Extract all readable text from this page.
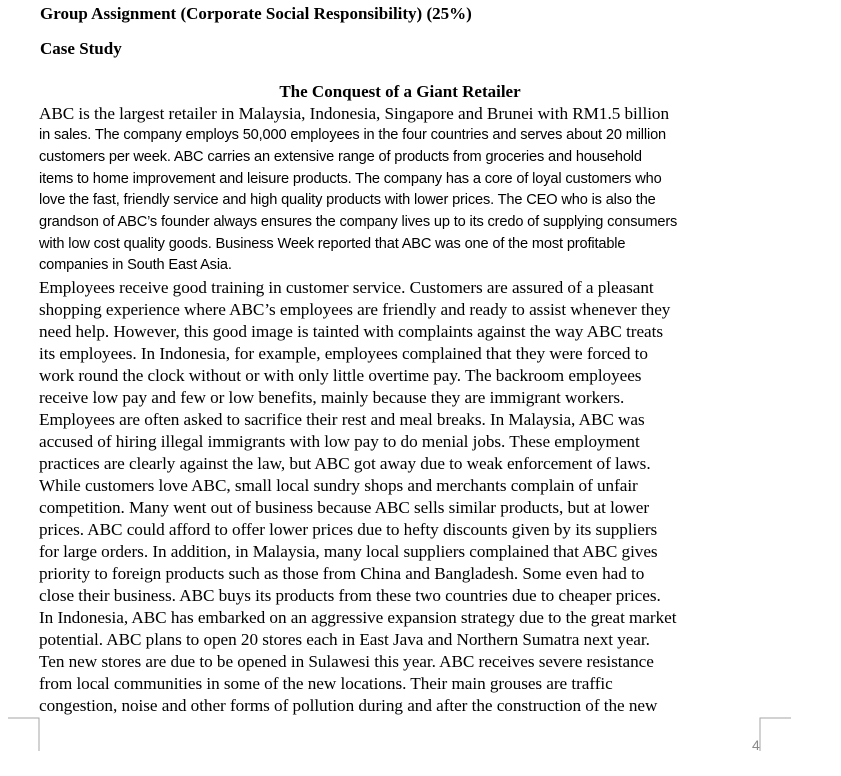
Group Assignment (Corporate Social Responsibility) (25%)
Case Study
The Conquest of a Giant Retailer
ABC is the largest retailer in Malaysia, Indonesia, Singapore and Brunei with RM1.5 billion
in sales. The company employs 50,000 employees in the four countries and serves about 20 million
customers per week. ABC carries an extensive range of products from groceries and household
items to home improvement and leisure products. The company has a core of loyal customers who
love the fast, friendly service and high quality products with lower prices. The CEO who is also the
grandson of ABC’s founder always ensures the company lives up to its credo of supplying consumers
with low cost quality goods. Business Week reported that ABC was one of the most profitable
companies in South East Asia.
Employees receive good training in customer service. Customers are assured of a pleasant
shopping experience where ABC’s employees are friendly and ready to assist whenever they
need help. However, this good image is tainted with complaints against the way ABC treats
its employees. In Indonesia, for example, employees complained that they were forced to
work round the clock without or with only little overtime pay. The backroom employees
receive low pay and few or low benefits, mainly because they are immigrant workers.
Employees are often asked to sacrifice their rest and meal breaks. In Malaysia, ABC was
accused of hiring illegal immigrants with low pay to do menial jobs. These employment
practices are clearly against the law, but ABC got away due to weak enforcement of laws.
While customers love ABC, small local sundry shops and merchants complain of unfair
competition. Many went out of business because ABC sells similar products, but at lower
prices. ABC could afford to offer lower prices due to hefty discounts given by its suppliers
for large orders. In addition, in Malaysia, many local suppliers complained that ABC gives
priority to foreign products such as those from China and Bangladesh. Some even had to
close their business. ABC buys its products from these two countries due to cheaper prices.
In Indonesia, ABC has embarked on an aggressive expansion strategy due to the great market
potential. ABC plans to open 20 stores each in East Java and Northern Sumatra next year.
Ten new stores are due to be opened in Sulawesi this year. ABC receives severe resistance
from local communities in some of the new locations. Their main grouses are traffic
congestion, noise and other forms of pollution during and after the construction of the new
4
